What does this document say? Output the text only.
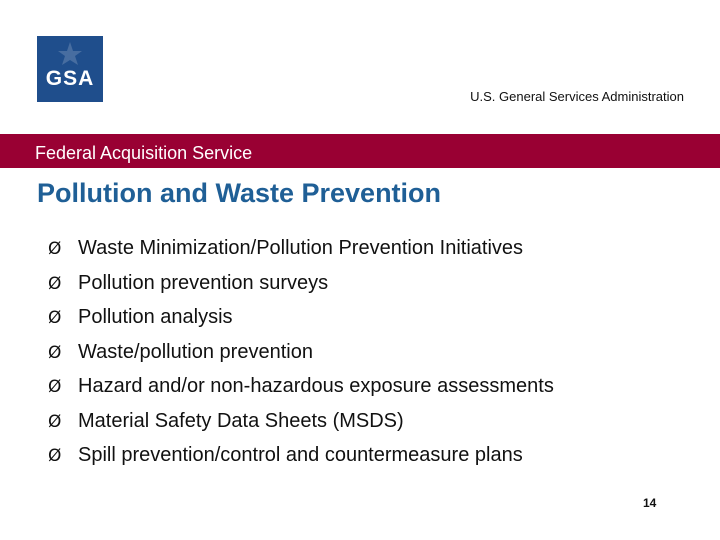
GSA
U.S. General Services Administration
Federal Acquisition Service
Pollution and Waste Prevention
Ø Waste Minimization/Pollution Prevention Initiatives
Ø Pollution prevention surveys
Ø Pollution analysis
Ø Waste/pollution prevention
Ø Hazard and/or non-hazardous exposure assessments
Ø Material Safety Data Sheets (MSDS)
Ø Spill prevention/control and countermeasure plans
14
